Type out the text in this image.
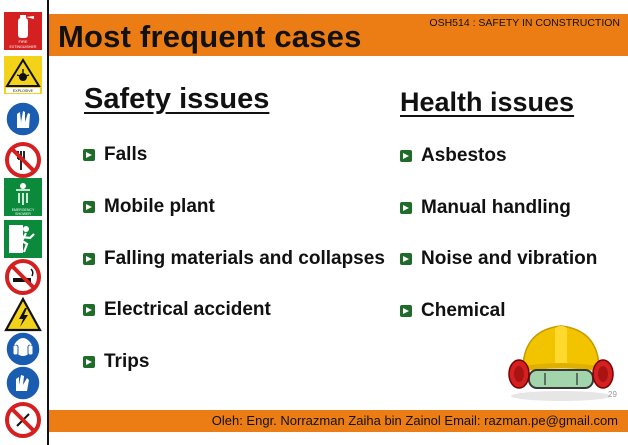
FIRE
EXTINGUISHER
EXPLOSIVE
EMERGENCY
SHOWER
Most frequent cases	OSH514 : SAFETY IN CONSTRUCTION
Safety issues
Falls
Mobile plant
Falling materials and collapses
Electrical accident
Trips
Health issues
Asbestos
Manual handling
Noise and vibration
Chemical
29
Oleh: Engr. Norrazman Zaiha bin Zainol Email: razman.pe@gmail.com
